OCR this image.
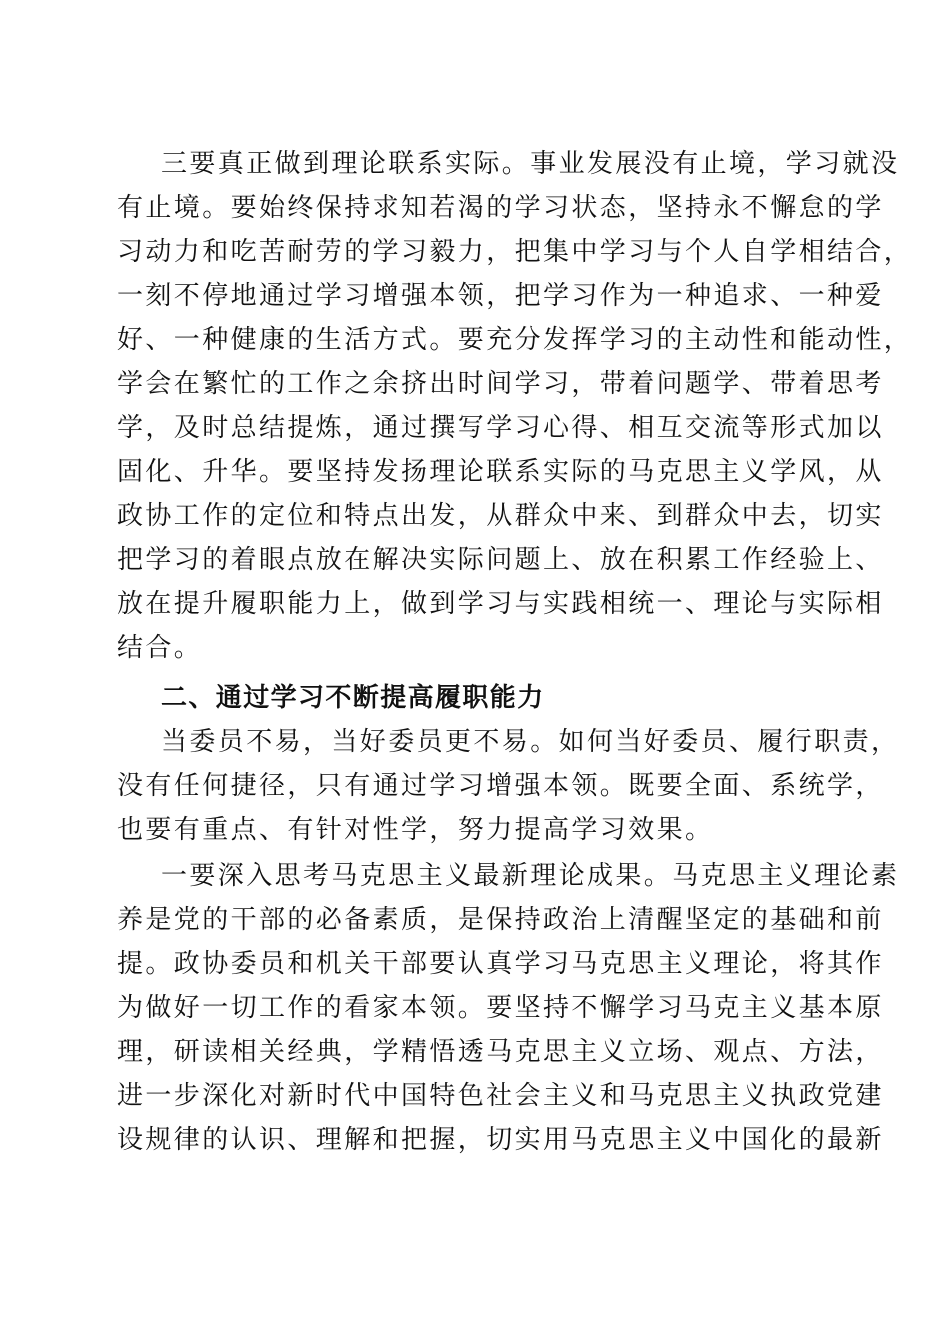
三要真正做到理论联系实际。事业发展没有止境，学习就没
有止境。要始终保持求知若渴的学习状态，坚持永不懈怠的学
习动力和吃苦耐劳的学习毅力，把集中学习与个人自学相结合，
一刻不停地通过学习增强本领，把学习作为一种追求、一种爱
好、一种健康的生活方式。要充分发挥学习的主动性和能动性，
学会在繁忙的工作之余挤出时间学习，带着问题学、带着思考
学，及时总结提炼，通过撰写学习心得、相互交流等形式加以
固化、升华。要坚持发扬理论联系实际的马克思主义学风，从
政协工作的定位和特点出发，从群众中来、到群众中去，切实
把学习的着眼点放在解决实际问题上、放在积累工作经验上、
放在提升履职能力上，做到学习与实践相统一、理论与实际相
结合。
二、通过学习不断提高履职能力
当委员不易，当好委员更不易。如何当好委员、履行职责，
没有任何捷径，只有通过学习增强本领。既要全面、系统学，
也要有重点、有针对性学，努力提高学习效果。
一要深入思考马克思主义最新理论成果。马克思主义理论素
养是党的干部的必备素质，是保持政治上清醒坚定的基础和前
提。政协委员和机关干部要认真学习马克思主义理论，将其作
为做好一切工作的看家本领。要坚持不懈学习马克主义基本原
理，研读相关经典，学精悟透马克思主义立场、观点、方法，
进一步深化对新时代中国特色社会主义和马克思主义执政党建
设规律的认识、理解和把握，切实用马克思主义中国化的最新
